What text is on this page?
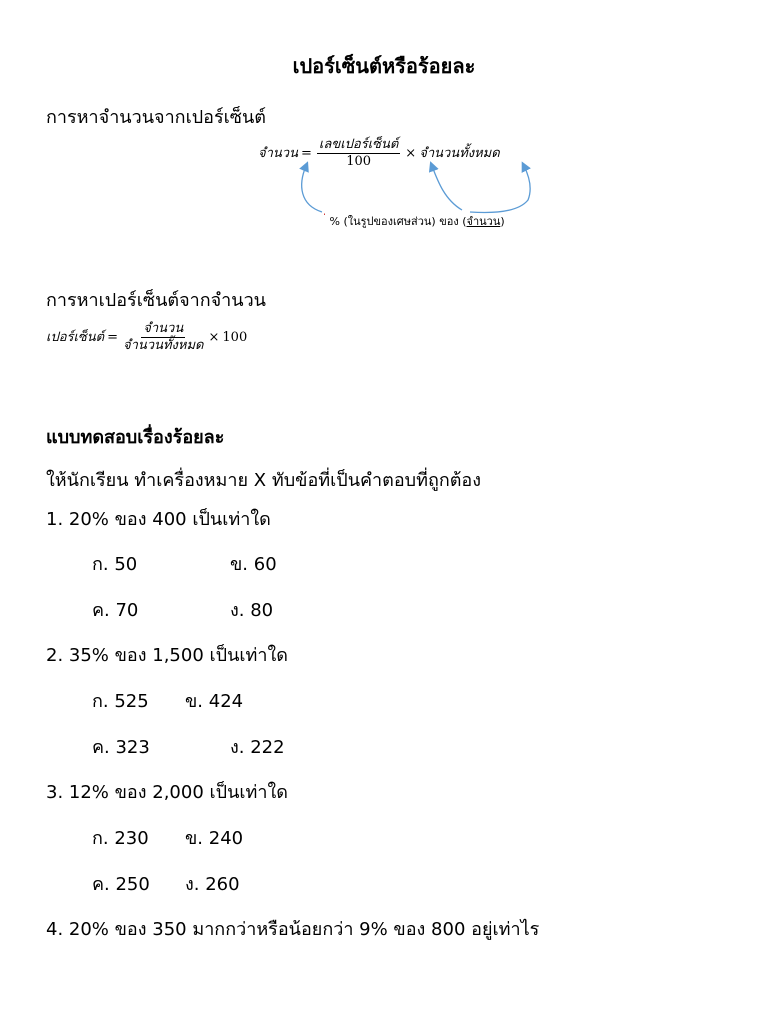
เปอร์เซ็นต์หรือร้อยละ
การหาจำนวนจากเปอร์เซ็นต์
จำนวน = $\frac{\text{เลขเปอร์เซ็นต์}}{100}$ × จำนวนทั้งหมด
% (ในรูปของเศษส่วน) ของ (จำนวน)
การหาเปอร์เซ็นต์จากจำนวน
เปอร์เซ็นต์ = $\frac{\text{จำนวน}}{\text{จำนวนทั้งหมด}} \times 100$
แบบทดสอบเรื่องร้อยละ
ให้นักเรียน ทำเครื่องหมาย X ทับข้อที่เป็นคำตอบที่ถูกต้อง
1. 20% ของ 400 เป็นเท่าใด
ก. 50	ข. 60
ค. 70	ง. 80
2. 35% ของ 1,500 เป็นเท่าใด
ก. 525 ข. 424
ค. 323	ง. 222
3. 12% ของ 2,000 เป็นเท่าใด
ก. 230 ข. 240
ค. 250 ง. 260
4. 20% ของ 350 มากกว่าหรือน้อยกว่า 9% ของ 800 อยู่เท่าไร
